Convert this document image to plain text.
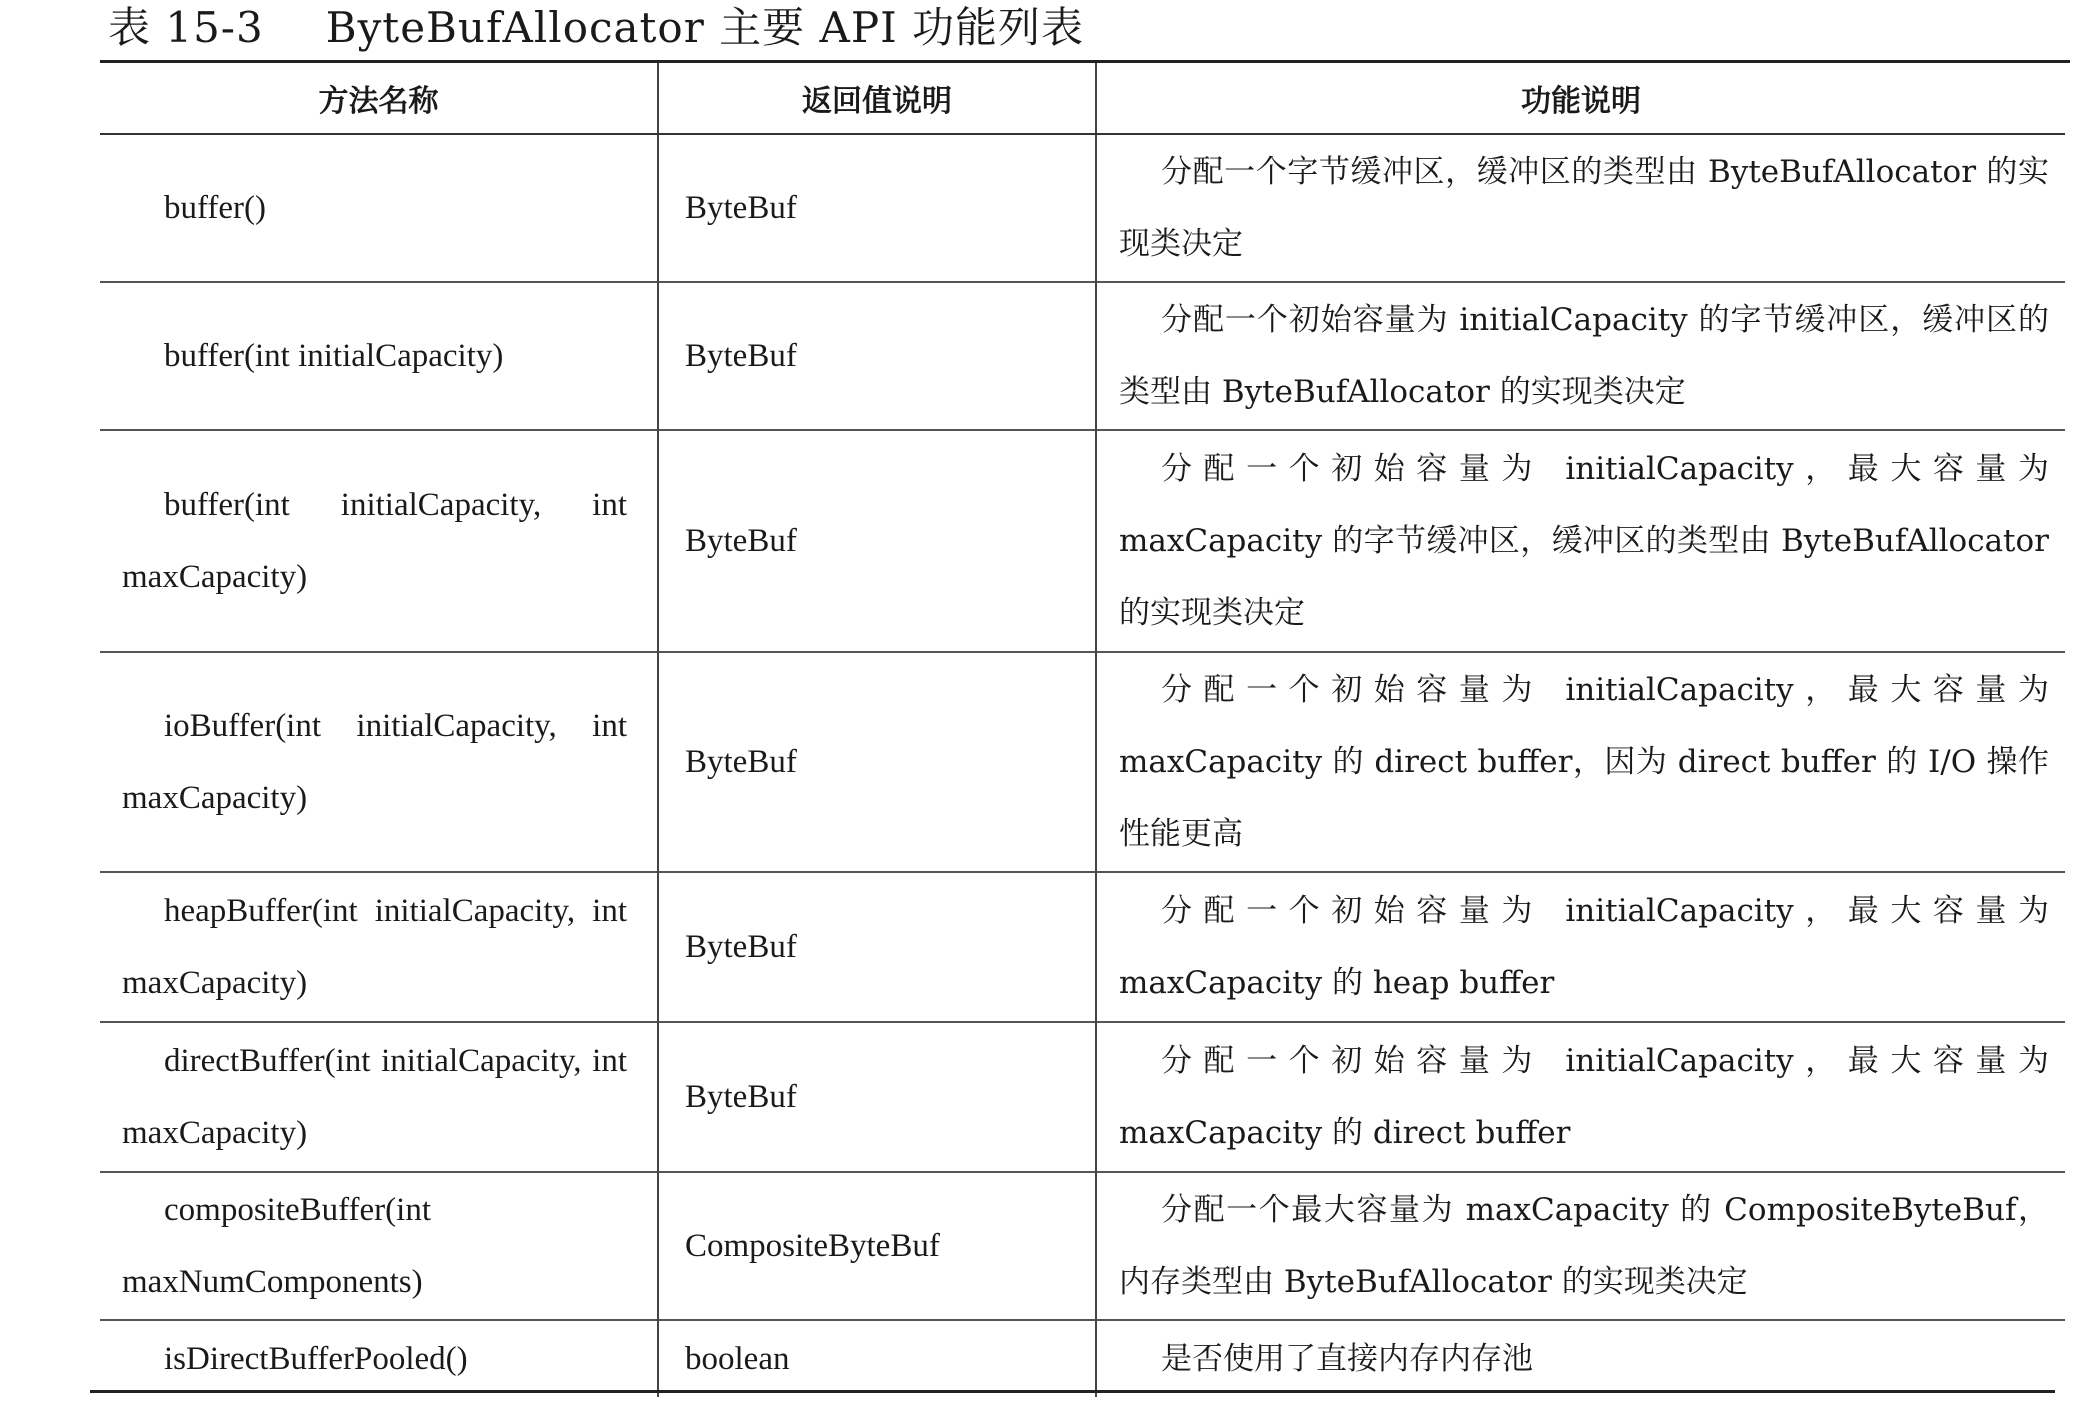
表 15-3 ByteBufAllocator 主要 API 功能列表
方法名称	返回值说明	功能说明
buffer()	ByteBuf	分配一个字节缓冲区，缓冲区的类型由 ByteBufAllocator 的实现类决定
buffer(int initialCapacity)	ByteBuf	分配一个初始容量为 initialCapacity 的字节缓冲区，缓冲区的类型由 ByteBufAllocator 的实现类决定
buffer(int initialCapacity, int maxCapacity)	ByteBuf	分配一个初始容量为 initialCapacity，最大容量为 maxCapacity 的字节缓冲区，缓冲区的类型由 ByteBufAllocator 的实现类决定
ioBuffer(int initialCapacity, int maxCapacity)	ByteBuf	分配一个初始容量为 initialCapacity，最大容量为 maxCapacity 的 direct buffer，因为 direct buffer 的 I/O 操作性能更高
heapBuffer(int initialCapacity, int maxCapacity)	ByteBuf	分配一个初始容量为 initialCapacity，最大容量为 maxCapacity 的 heap buffer
directBuffer(int initialCapacity, int maxCapacity)	ByteBuf	分配一个初始容量为 initialCapacity，最大容量为 maxCapacity 的 direct buffer
compositeBuffer(int maxNumComponents)	CompositeByteBuf	分配一个最大容量为 maxCapacity 的 CompositeByteBuf，内存类型由 ByteBufAllocator 的实现类决定
isDirectBufferPooled()	boolean	是否使用了直接内存内存池
